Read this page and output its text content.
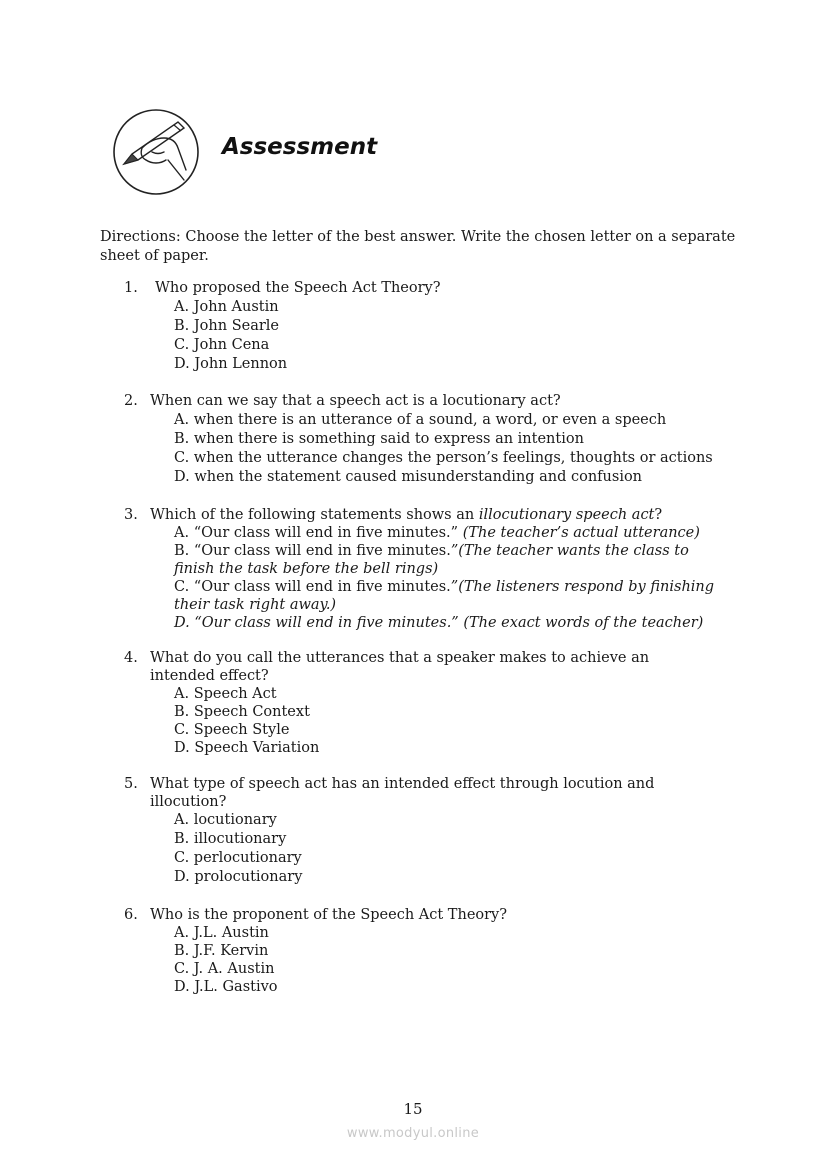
Assessment
Directions: Choose the letter of the best answer. Write the chosen letter on a separate sheet of paper.
1. Who proposed the Speech Act Theory?
A. John Austin
B. John Searle
C. John Cena
D. John Lennon
2. When can we say that a speech act is a locutionary act?
A. when there is an utterance of a sound, a word, or even a speech
B. when there is something said to express an intention
C. when the utterance changes the person’s feelings, thoughts or actions
D. when the statement caused misunderstanding and confusion
3. Which of the following statements shows an illocutionary speech act?
A. “Our class will end in five minutes.” (The teacher’s actual utterance)
B. “Our class will end in five minutes.”(The teacher wants the class to
finish the task before the bell rings)
C. “Our class will end in five minutes.”(The listeners respond by finishing
their task right away.)
D. “Our class will end in five minutes.” (The exact words of the teacher)
4. What do you call the utterances that a speaker makes to achieve an
intended effect?
A. Speech Act
B. Speech Context
C. Speech Style
D. Speech Variation
5. What type of speech act has an intended effect through locution and
illocution?
A. locutionary
B. illocutionary
C. perlocutionary
D. prolocutionary
6. Who is the proponent of the Speech Act Theory?
A. J.L. Austin
B. J.F. Kervin
C. J. A. Austin
D. J.L. Gastivo
15
www.modyul.online
